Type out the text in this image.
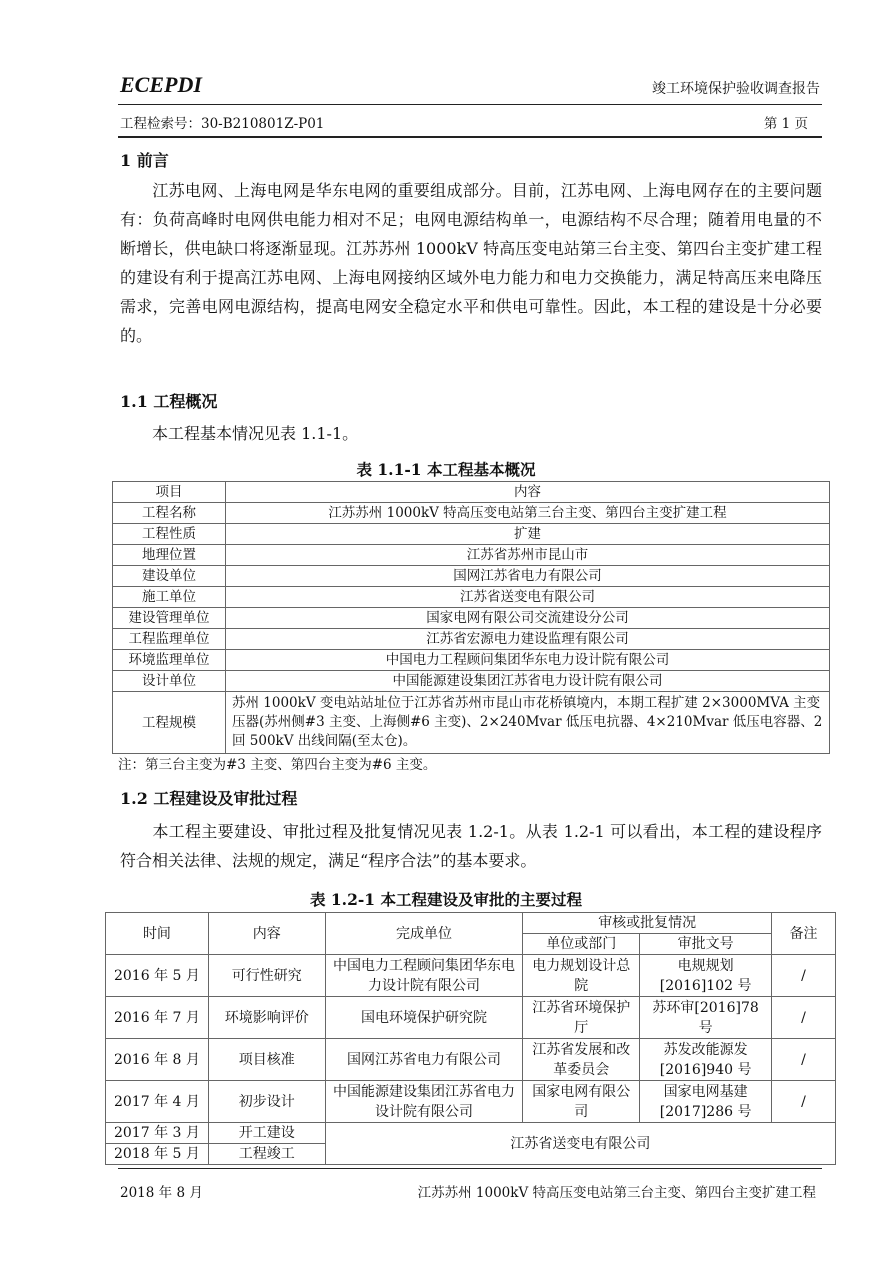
ECEPDI	竣工环境保护验收调查报告
工程检索号：30-B210801Z-P01	第 1 页
1 前言
江苏电网、上海电网是华东电网的重要组成部分。目前，江苏电网、上海电网存在的主要问题有：负荷高峰时电网供电能力相对不足；电网电源结构单一，电源结构不尽合理；随着用电量的不断增长，供电缺口将逐渐显现。江苏苏州 1000kV 特高压变电站第三台主变、第四台主变扩建工程的建设有利于提高江苏电网、上海电网接纳区域外电力能力和电力交换能力，满足特高压来电降压需求，完善电网电源结构，提高电网安全稳定水平和供电可靠性。因此，本工程的建设是十分必要的。
1.1 工程概况
本工程基本情况见表 1.1-1。
表 1.1-1 本工程基本概况
项目	内容
工程名称	江苏苏州 1000kV 特高压变电站第三台主变、第四台主变扩建工程
工程性质	扩建
地理位置	江苏省苏州市昆山市
建设单位	国网江苏省电力有限公司
施工单位	江苏省送变电有限公司
建设管理单位	国家电网有限公司交流建设分公司
工程监理单位	江苏省宏源电力建设监理有限公司
环境监理单位	中国电力工程顾问集团华东电力设计院有限公司
设计单位	中国能源建设集团江苏省电力设计院有限公司
工程规模	苏州 1000kV 变电站站址位于江苏省苏州市昆山市花桥镇境内，本期工程扩建 2×3000MVA 主变压器(苏州侧#3 主变、上海侧#6 主变)、2×240Mvar 低压电抗器、4×210Mvar 低压电容器、2 回 500kV 出线间隔(至太仓)。
注：第三台主变为#3 主变、第四台主变为#6 主变。
1.2 工程建设及审批过程
本工程主要建设、审批过程及批复情况见表 1.2-1。从表 1.2-1 可以看出，本工程的建设程序符合相关法律、法规的规定，满足“程序合法”的基本要求。
表 1.2-1 本工程建设及审批的主要过程
时间	内容	完成单位	审核或批复情况		备注
			单位或部门	审批文号	
2016 年 5 月	可行性研究	中国电力工程顾问集团华东电力设计院有限公司	电力规划设计总院	电规规划[2016]102 号	/
2016 年 7 月	环境影响评价	国电环境保护研究院	江苏省环境保护厅	苏环审[2016]78 号	/
2016 年 8 月	项目核准	国网江苏省电力有限公司	江苏省发展和改革委员会	苏发改能源发[2016]940 号	/
2017 年 4 月	初步设计	中国能源建设集团江苏省电力设计院有限公司	国家电网有限公司	国家电网基建[2017]286 号	/
2017 年 3 月	开工建设	江苏省送变电有限公司			
2018 年 5 月	工程竣工				
2018 年 8 月	江苏苏州 1000kV 特高压变电站第三台主变、第四台主变扩建工程
